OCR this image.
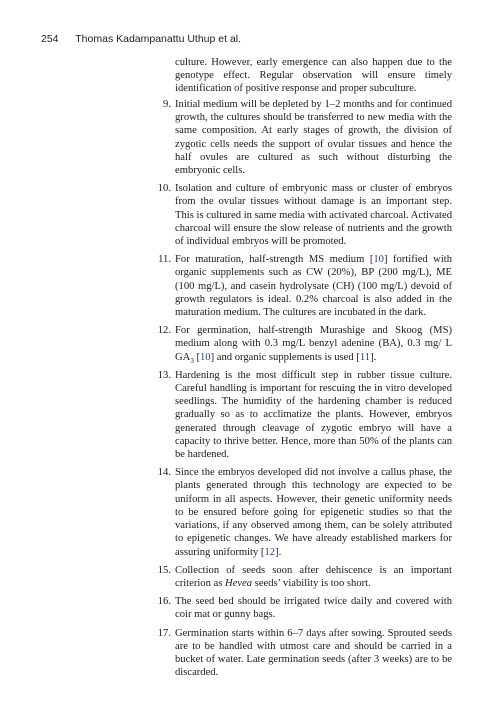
254 Thomas Kadampanattu Uthup et al.
culture. However, early emergence can also happen due to the genotype effect. Regular observation will ensure timely identification of positive response and proper subculture.
9. Initial medium will be depleted by 1–2 months and for continued growth, the cultures should be transferred to new media with the same composition. At early stages of growth, the division of zygotic cells needs the support of ovular tissues and hence the half ovules are cultured as such without disturbing the embryonic cells.
10. Isolation and culture of embryonic mass or cluster of embryos from the ovular tissues without damage is an important step. This is cultured in same media with activated charcoal. Activated charcoal will ensure the slow release of nutrients and the growth of individual embryos will be promoted.
11. For maturation, half-strength MS medium [10] fortified with organic supplements such as CW (20%), BP (200 mg/L), ME (100 mg/L), and casein hydrolysate (CH) (100 mg/L) devoid of growth regulators is ideal. 0.2% charcoal is also added in the maturation medium. The cultures are incubated in the dark.
12. For germination, half-strength Murashige and Skoog (MS) medium along with 0.3 mg/L benzyl adenine (BA), 0.3 mg/ L $GA_3$ [10] and organic supplements is used [11].
13. Hardening is the most difficult step in rubber tissue culture. Careful handling is important for rescuing the in vitro developed seedlings. The humidity of the hardening chamber is reduced gradually so as to acclimatize the plants. However, embryos generated through cleavage of zygotic embryo will have a capacity to thrive better. Hence, more than 50% of the plants can be hardened.
14. Since the embryos developed did not involve a callus phase, the plants generated through this technology are expected to be uniform in all aspects. However, their genetic uniformity needs to be ensured before going for epigenetic studies so that the variations, if any observed among them, can be solely attributed to epigenetic changes. We have already established markers for assuring uniformity [12].
15. Collection of seeds soon after dehiscence is an important criterion as Hevea seeds’ viability is too short.
16. The seed bed should be irrigated twice daily and covered with coir mat or gunny bags.
17. Germination starts within 6–7 days after sowing. Sprouted seeds are to be handled with utmost care and should be carried in a bucket of water. Late germination seeds (after 3 weeks) are to be discarded.
